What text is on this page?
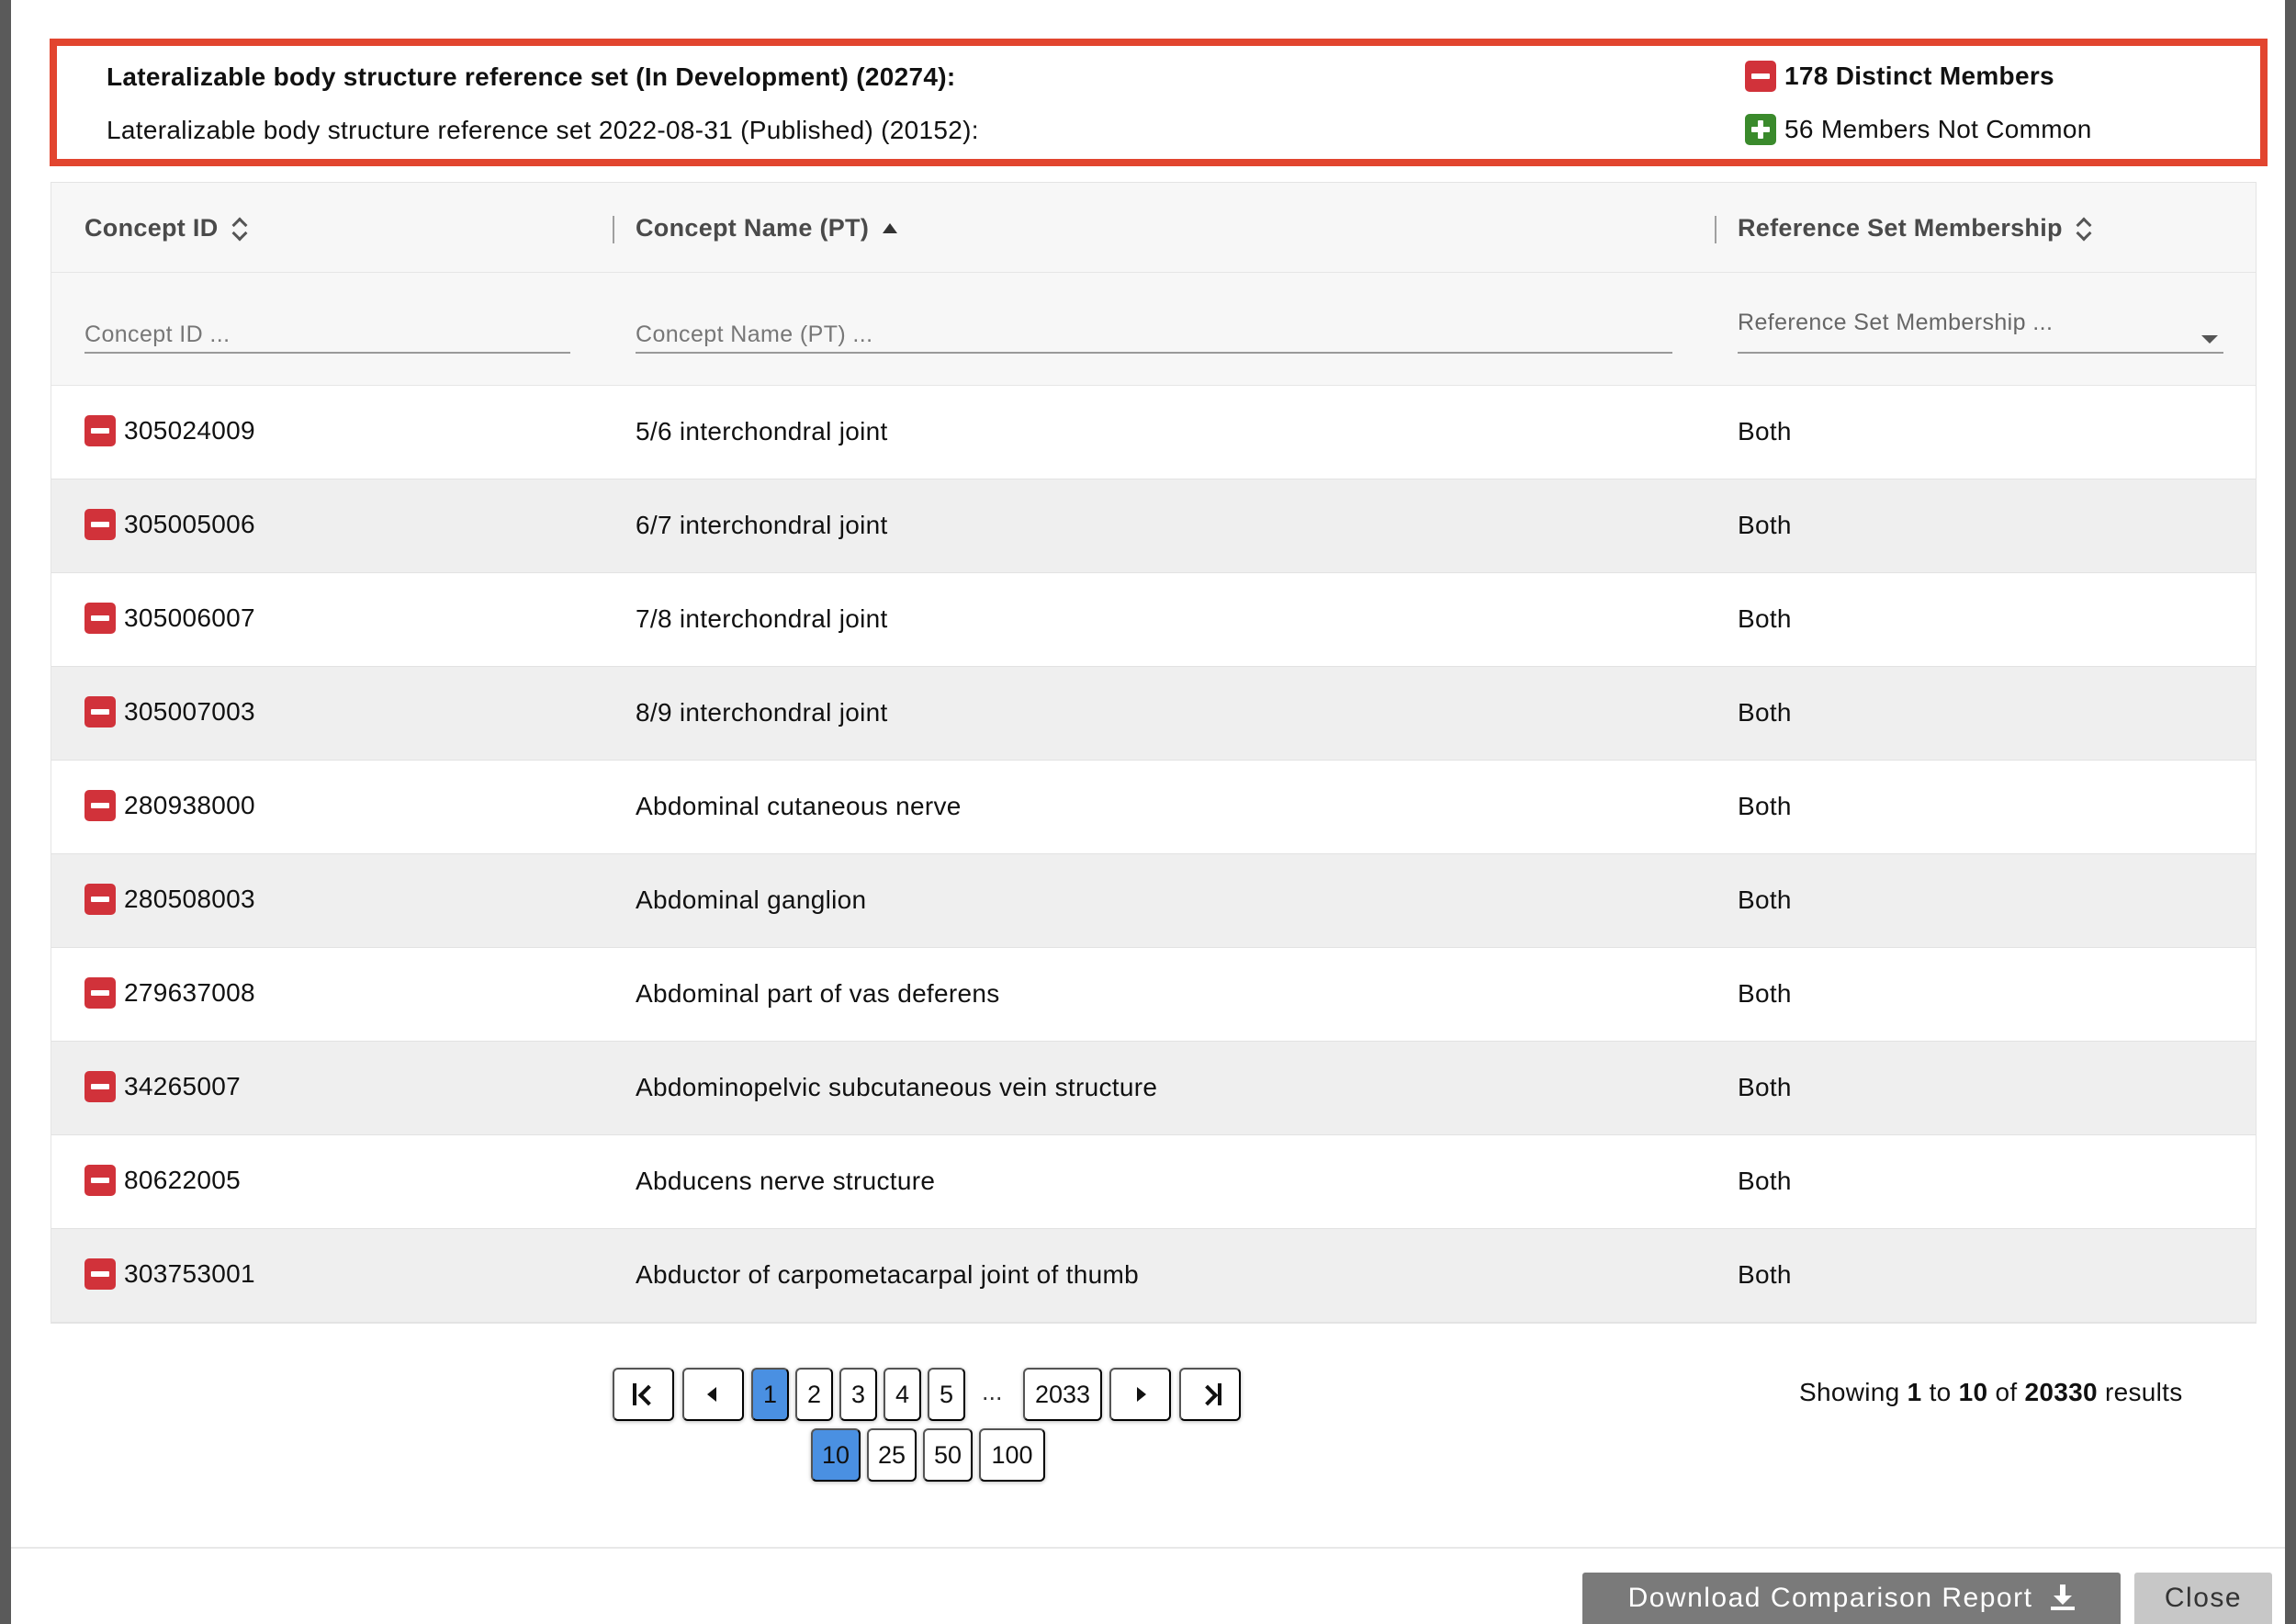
Lateralizable body structure reference set (In Development) (20274):
Lateralizable body structure reference set 2022-08-31 (Published) (20152):
178 Distinct Members
56 Members Not Common
Concept ID	Concept Name (PT)	Reference Set Membership
Concept ID ...
Concept Name (PT) ...
Reference Set Membership ...
305024009	5/6 interchondral joint	Both
305005006	6/7 interchondral joint	Both
305006007	7/8 interchondral joint	Both
305007003	8/9 interchondral joint	Both
280938000	Abdominal cutaneous nerve	Both
280508003	Abdominal ganglion	Both
279637008	Abdominal part of vas deferens	Both
34265007	Abdominopelvic subcutaneous vein structure	Both
80622005	Abducens nerve structure	Both
303753001	Abductor of carpometacarpal joint of thumb	Both
1	2	3	4	5	...	2033
10	25	50	100
Showing 1 to 10 of 20330 results
Download Comparison Report	Close
